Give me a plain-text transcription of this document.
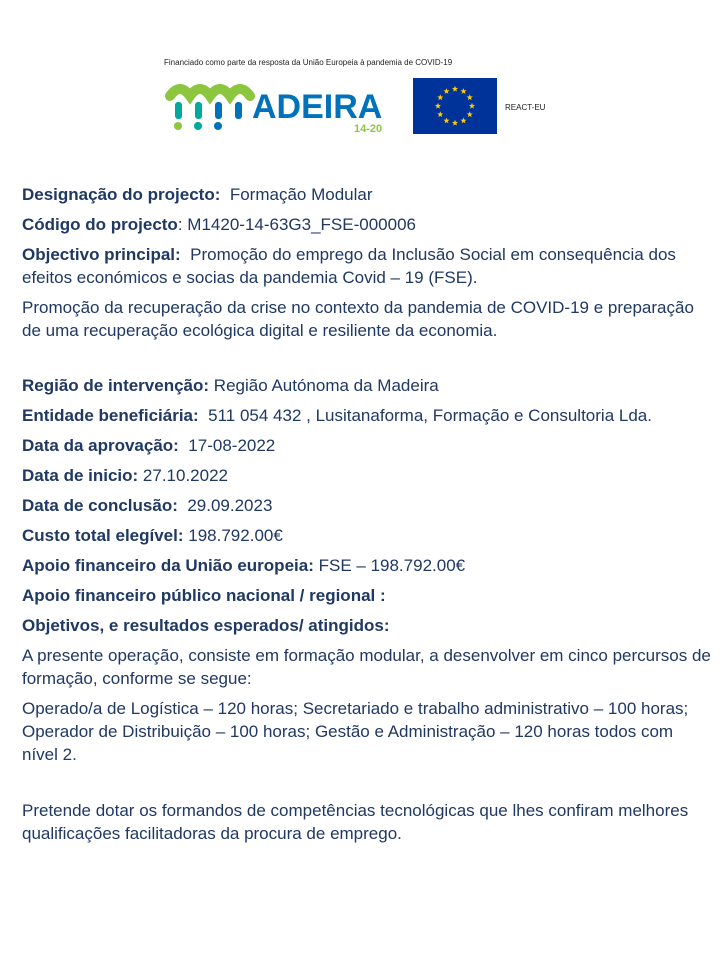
Financiado como parte da resposta da União Europeia à pandemia de COVID-19
ADEIRA
14-20
REACT-EU
Designação do projecto: Formação Modular
Código do projecto: M1420-14-63G3_FSE-000006
Objectivo principal: Promoção do emprego da Inclusão Social em consequência dos efeitos económicos e socias da pandemia Covid – 19 (FSE).
Promoção da recuperação da crise no contexto da pandemia de COVID-19 e preparação de uma recuperação ecológica digital e resiliente da economia.
Região de intervenção: Região Autónoma da Madeira
Entidade beneficiária: 511 054 432 , Lusitanaforma, Formação e Consultoria Lda.
Data da aprovação: 17-08-2022
Data de inicio: 27.10.2022
Data de conclusão: 29.09.2023
Custo total elegível: 198.792.00€
Apoio financeiro da União europeia: FSE – 198.792.00€
Apoio financeiro público nacional / regional :
Objetivos, e resultados esperados/ atingidos:
A presente operação, consiste em formação modular, a desenvolver em cinco percursos de formação, conforme se segue:
Operado/a de Logística – 120 horas; Secretariado e trabalho administrativo – 100 horas; Operador de Distribuição – 100 horas; Gestão e Administração – 120 horas todos com nível 2.
Pretende dotar os formandos de competências tecnológicas que lhes confiram melhores qualificações facilitadoras da procura de emprego.
